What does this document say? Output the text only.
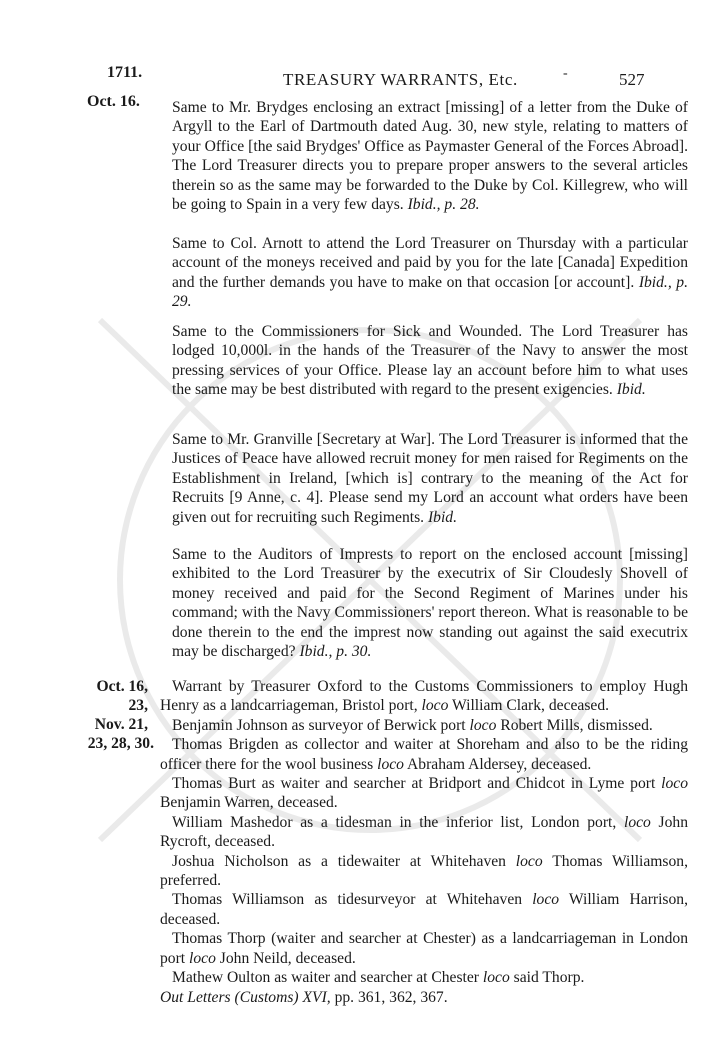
1711.
Oct. 16.
TREASURY WARRANTS, Etc.	-	527

Same to Mr. Brydges enclosing an extract [missing] of a letter from the Duke of Argyll to the Earl of Dartmouth dated Aug. 30, new style, relating to matters of your Office [the said Brydges' Office as Paymaster General of the Forces Abroad]. The Lord Treasurer directs you to prepare proper answers to the several articles therein so as the same may be forwarded to the Duke by Col. Killegrew, who will be going to Spain in a very few days. Ibid., p. 28.

Same to Col. Arnott to attend the Lord Treasurer on Thursday with a particular account of the moneys received and paid by you for the late [Canada] Expedition and the further demands you have to make on that occasion [or account]. Ibid., p. 29.

Same to the Commissioners for Sick and Wounded. The Lord Treasurer has lodged 10,000l. in the hands of the Treasurer of the Navy to answer the most pressing services of your Office. Please lay an account before him to what uses the same may be best distributed with regard to the present exigencies. Ibid.

Same to Mr. Granville [Secretary at War]. The Lord Treasurer is informed that the Justices of Peace have allowed recruit money for men raised for Regiments on the Establishment in Ireland, [which is] contrary to the meaning of the Act for Recruits [9 Anne, c. 4]. Please send my Lord an account what orders have been given out for recruiting such Regiments. Ibid.

Same to the Auditors of Imprests to report on the enclosed account [missing] exhibited to the Lord Treasurer by the executrix of Sir Cloudesly Shovell of money received and paid for the Second Regiment of Marines under his command; with the Navy Commissioners' report thereon. What is reasonable to be done therein to the end the imprest now standing out against the said executrix may be discharged? Ibid., p. 30.

Oct. 16,
23,
Nov. 21,
23, 28, 30.
Warrant by Treasurer Oxford to the Customs Commissioners to employ Hugh Henry as a landcarriageman, Bristol port, loco William Clark, deceased.
Benjamin Johnson as surveyor of Berwick port loco Robert Mills, dismissed.
Thomas Brigden as collector and waiter at Shoreham and also to be the riding officer there for the wool business loco Abraham Aldersey, deceased.
Thomas Burt as waiter and searcher at Bridport and Chidcot in Lyme port loco Benjamin Warren, deceased.
William Mashedor as a tidesman in the inferior list, London port, loco John Rycroft, deceased.
Joshua Nicholson as a tidewaiter at Whitehaven loco Thomas Williamson, preferred.
Thomas Williamson as tidesurveyor at Whitehaven loco William Harrison, deceased.
Thomas Thorp (waiter and searcher at Chester) as a landcarriageman in London port loco John Neild, deceased.
Mathew Oulton as waiter and searcher at Chester loco said Thorp.
Out Letters (Customs) XVI, pp. 361, 362, 367.
